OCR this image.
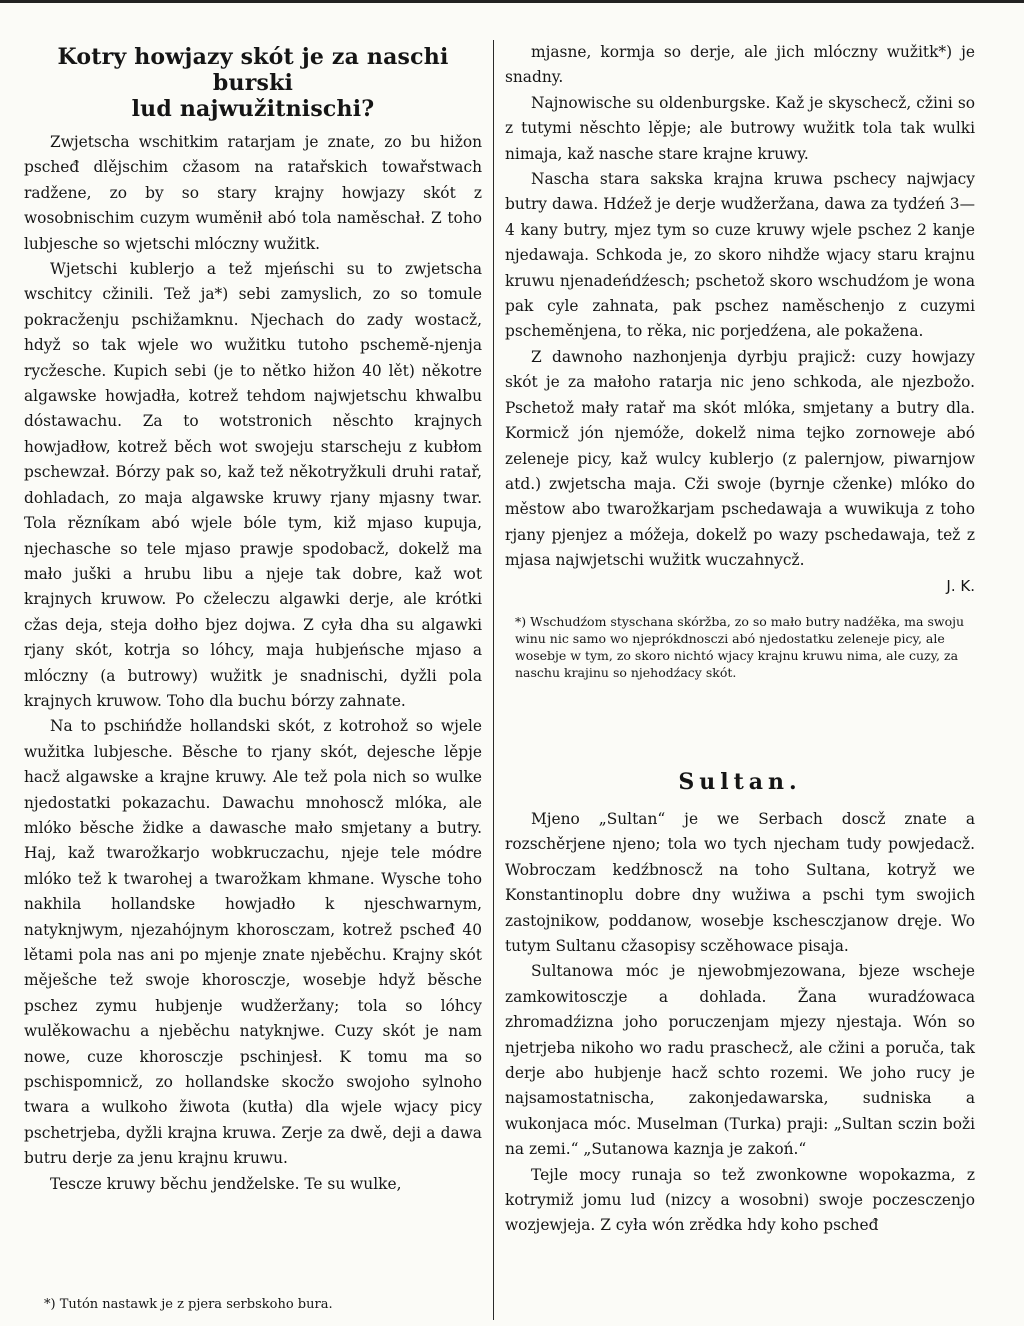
Kotry howjazy skót je za naschi burski
lud najwužitnischi?

Zwjetscha wschitkim ratarjam je znate, zo bu hižon pscheđ dlějschim cžasom na ratařskich towařstwach radžene, zo by so stary krajny howjazy skót z wosobnischim cuzym wuměnił abó tola naměschał. Z toho lubjesche so wjetschi mlóczny wužitk.

Wjetschi kublerjo a tež mjeńschi su to zwjetscha wschitcy cžinili. Tež ja*) sebi zamyslich, zo so tomule pokracženju pschižamknu. Njechach do zady wostacž, hdyž so tak wjele wo wužitku tutoho pschemě-njenja rycžesche. Kupich sebi (je to nětko hižon 40 lět) někotre algawske howjadła, kotrež tehdom najwjetschu khwalbu dóstawachu. Za to wotstronich něschto krajnych howjadłow, kotrež běch wot swojeju starscheju z kubłom pschewzał. Bórzy pak so, kaž tež někotryžkuli druhi ratař, dohladach, zo maja algawske kruwy rjany mjasny twar. Tola rězníkam abó wjele bóle tym, kiž mjaso kupuja, njechasche so tele mjaso prawje spodobacž, dokelž ma mało juški a hrubu libu a njeje tak dobre, kaž wot krajnych kruwow. Po cželeczu algawki derje, ale krótki cžas deja, steja dołho bjez dojwa. Z cyła dha su algawki rjany skót, kotrja so lóhcy, maja hubjeńsche mjaso a mlóczny (a butrowy) wužitk je snadnischi, dyžli pola krajnych kruwow. Toho dla buchu bórzy zahnate.

Na to pschińdže hollandski skót, z kotrohož so wjele wužitka lubjesche. Běsche to rjany skót, dejesche lěpje hacž algawske a krajne kruwy. Ale tež pola nich so wulke njedostatki pokazachu. Dawachu mnohoscž mlóka, ale mlóko běsche židke a dawasche mało smjetany a butry. Haj, kaž twarožkarjo wobkruczachu, njeje tele módre mlóko tež k twarohej a twarožkam khmane. Wysche toho nakhila hollandske howjadło k njeschwarnym, natyknjwym, njezahójnym khorosczam, kotrež pscheđ 40 lětami pola nas ani po mjenje znate njeběchu. Krajny skót měješche tež swoje khorosczje, wosebje hdyž běsche pschez zymu hubjenje wudžeržany; tola so lóhcy wulěkowachu a njeběchu natyknjwe. Cuzy skót je nam nowe, cuze khorosczje pschinjesł. K tomu ma so pschispomnicž, zo hollandske skocžo swojoho sylnoho twara a wulkoho žiwota (kutła) dla wjele wjacy picy pschetrjeba, dyžli krajna kruwa. Zerje za dwě, deji a dawa butru derje za jenu krajnu kruwu.

Tescze kruwy běchu jendželske. Te su wulke,

*) Tutón nastawk je z pjera serbskoho bura.

mjasne, kormja so derje, ale jich mlóczny wužitk*) je snadny.

Najnowische su oldenburgske. Kaž je skyschecž, cžini so z tutymi něschto lěpje; ale butrowy wužitk tola tak wulki nimaja, kaž nasche stare krajne kruwy.

Nascha stara sakska krajna kruwa pschecy najwjacy butry dawa. Hdźež je derje wudžeržana, dawa za tydźeń 3—4 kany butry, mjez tym so cuze kruwy wjele pschez 2 kanje njedawaja. Schkoda je, zo skoro nihdže wjacy staru krajnu kruwu njenadeńdźesch; pschetož skoro wschudźom je wona pak cyle zahnata, pak pschez naměschenjo z cuzymi pscheměnjena, to rěka, nic porjedźena, ale pokažena.

Z dawnoho nazhonjenja dyrbju prajicž: cuzy howjazy skót je za małoho ratarja nic jeno schkoda, ale njezbožo. Pschetož mały ratař ma skót mlóka, smjetany a butry dla. Kormicž jón njemóže, dokelž nima tejko zornoweje abó zeleneje picy, kaž wulcy kublerjo (z palernjow, piwarnjow atd.) zwjetscha maja. Cži swoje (byrnje cženke) mlóko do městow abo twarožkarjam pschedawaja a wuwikuja z toho rjany pjenjez a móžeja, dokelž po wazy pschedawaja, tež z mjasa najwjetschi wužitk wuczahnycž.

J. K.

*) Wschudźom styschana skóržba, zo so mało butry nadźěka, ma swoju winu nic samo wo njeprókdnosczi abó njedostatku zeleneje picy, ale wosebje w tym, zo skoro nichtó wjacy krajnu kruwu nima, ale cuzy, za naschu krajinu so njehodźacy skót.

Sultan.

Mjeno „Sultan“ je we Serbach doscž znate a rozschěrjene njeno; tola wo tych njecham tudy powjedacž. Wobroczam kedźbnoscž na toho Sultana, kotryž we Konstantinoplu dobre dny wužiwa a pschi tym swojich zastojnikow, poddanow, wosebje kschesczjanow dręje. Wo tutym Sultanu cžasopisy sczěhowace pisaja.

Sultanowa móc je njewobmjezowana, bjeze wscheje zamkowitosczje a dohlada. Žana wuradźowaca zhromadźizna joho poruczenjam mjezy njestaja. Wón so njetrjeba nikoho wo radu praschecž, ale cžini a poruča, tak derje abo hubjenje hacž schto rozemi. We joho rucy je najsamostatnischa, zakonjedawarska, sudniska a wukonjaca móc. Muselman (Turka) praji: „Sultan sczin boži na zemi.“ „Sutanowa kaznja je zakoń.“

Tejle mocy runaja so tež zwonkowne wopokazma, z kotrymiž jomu lud (nizcy a wosobni) swoje poczesczenjo wozjewjeja. Z cyła wón zrědka hdy koho pscheđ
